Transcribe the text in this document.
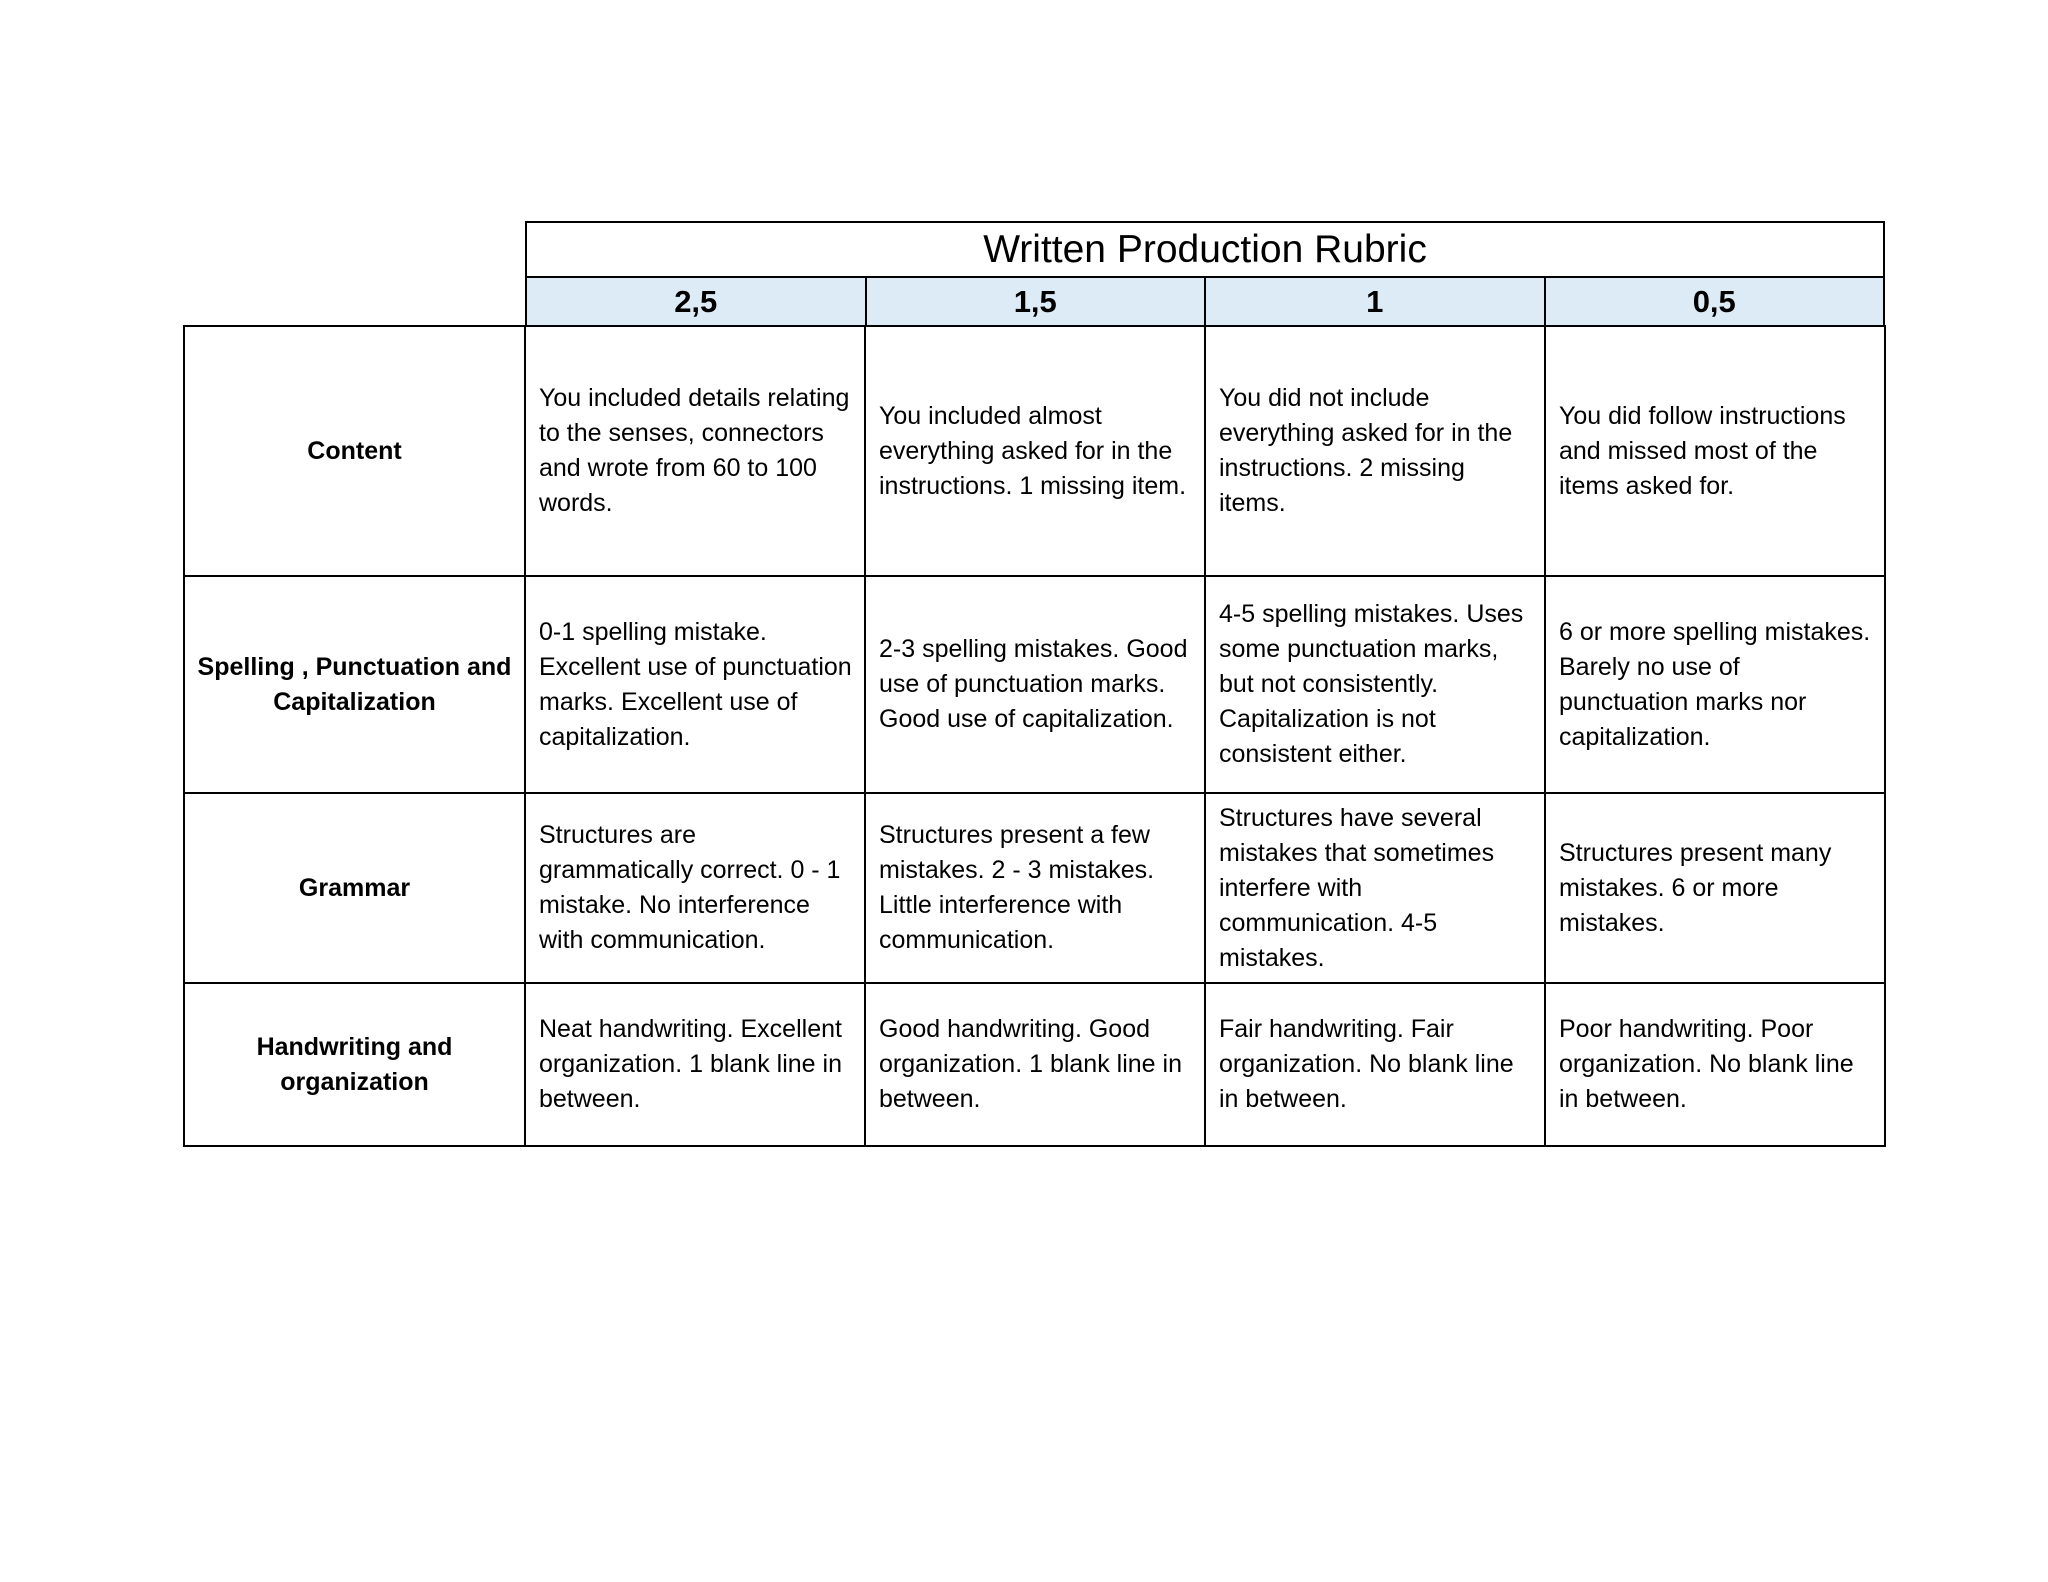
Written Production Rubric
2,5	1,5	1	0,5
Content	You included details relating to the senses, connectors and wrote from 60 to 100 words.	You included almost everything asked for in the instructions. 1 missing item.	You did not include everything asked for in the instructions. 2 missing items.	You did follow instructions and missed most of the items asked for.
Spelling , Punctuation and Capitalization	0-1 spelling mistake. Excellent use of punctuation marks. Excellent use of capitalization.	2-3 spelling mistakes. Good use of punctuation marks. Good use of capitalization.	4-5 spelling mistakes. Uses some punctuation marks, but not consistently. Capitalization is not consistent either.	6 or more spelling mistakes. Barely no use of punctuation marks nor capitalization.
Grammar	Structures are grammatically correct. 0 - 1 mistake. No interference with communication.	Structures present a few mistakes. 2 - 3 mistakes. Little interference with communication.	Structures have several mistakes that sometimes interfere with communication. 4-5 mistakes.	Structures present many mistakes. 6 or more mistakes.
Handwriting and organization	Neat handwriting. Excellent organization. 1 blank line in between.	Good handwriting. Good organization. 1 blank line in between.	Fair handwriting. Fair organization. No blank line in between.	Poor handwriting. Poor organization. No blank line in between.
